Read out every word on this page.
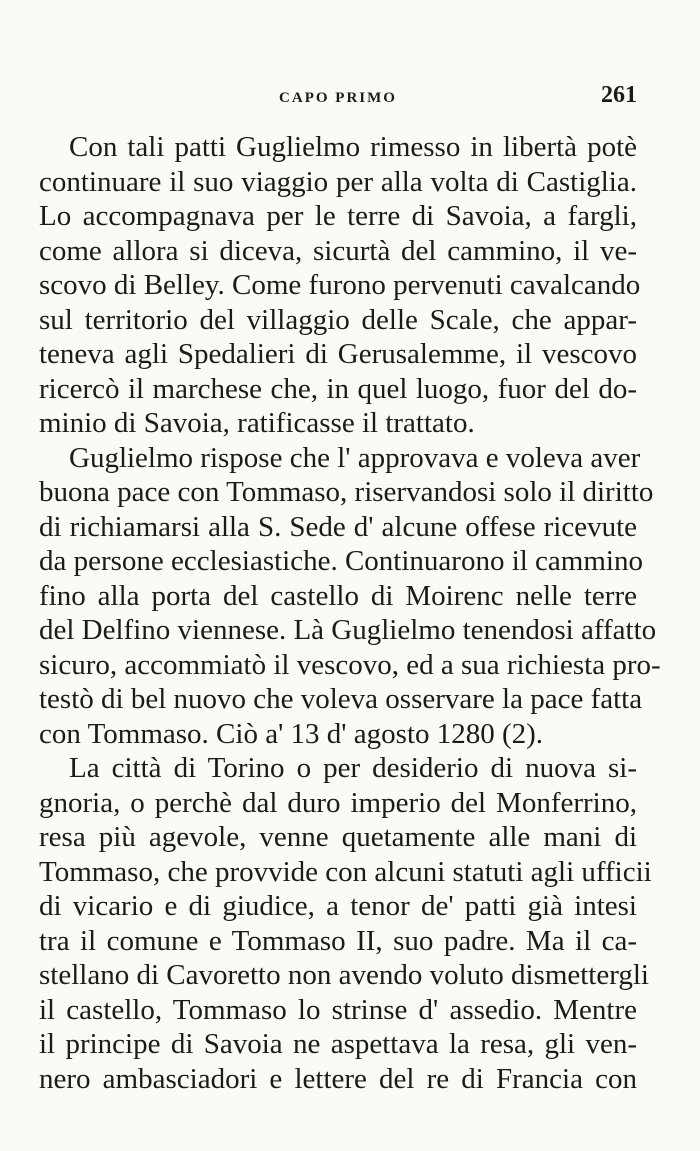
CAPO PRIMO	261

Con tali patti Guglielmo rimesso in libertà potè
continuare il suo viaggio per alla volta di Castiglia.
Lo accompagnava per le terre di Savoia, a fargli,
come allora si diceva, sicurtà del cammino, il ve-
scovo di Belley. Come furono pervenuti cavalcando
sul territorio del villaggio delle Scale, che appar-
teneva agli Spedalieri di Gerusalemme, il vescovo
ricercò il marchese che, in quel luogo, fuor del do-
minio di Savoia, ratificasse il trattato.

Guglielmo rispose che l' approvava e voleva aver
buona pace con Tommaso, riservandosi solo il diritto
di richiamarsi alla S. Sede d' alcune offese ricevute
da persone ecclesiastiche. Continuarono il cammino
fino alla porta del castello di Moirenc nelle terre
del Delfino viennese. Là Guglielmo tenendosi affatto
sicuro, accommiatò il vescovo, ed a sua richiesta pro-
testò di bel nuovo che voleva osservare la pace fatta
con Tommaso. Ciò a' 13 d' agosto 1280 (2).

La città di Torino o per desiderio di nuova si-
gnoria, o perchè dal duro imperio del Monferrino,
resa più agevole, venne quetamente alle mani di
Tommaso, che provvide con alcuni statuti agli ufficii
di vicario e di giudice, a tenor de' patti già intesi
tra il comune e Tommaso II, suo padre. Ma il ca-
stellano di Cavoretto non avendo voluto dismettergli
il castello, Tommaso lo strinse d' assedio. Mentre
il principe di Savoia ne aspettava la resa, gli ven-
nero ambasciadori e lettere del re di Francia con
